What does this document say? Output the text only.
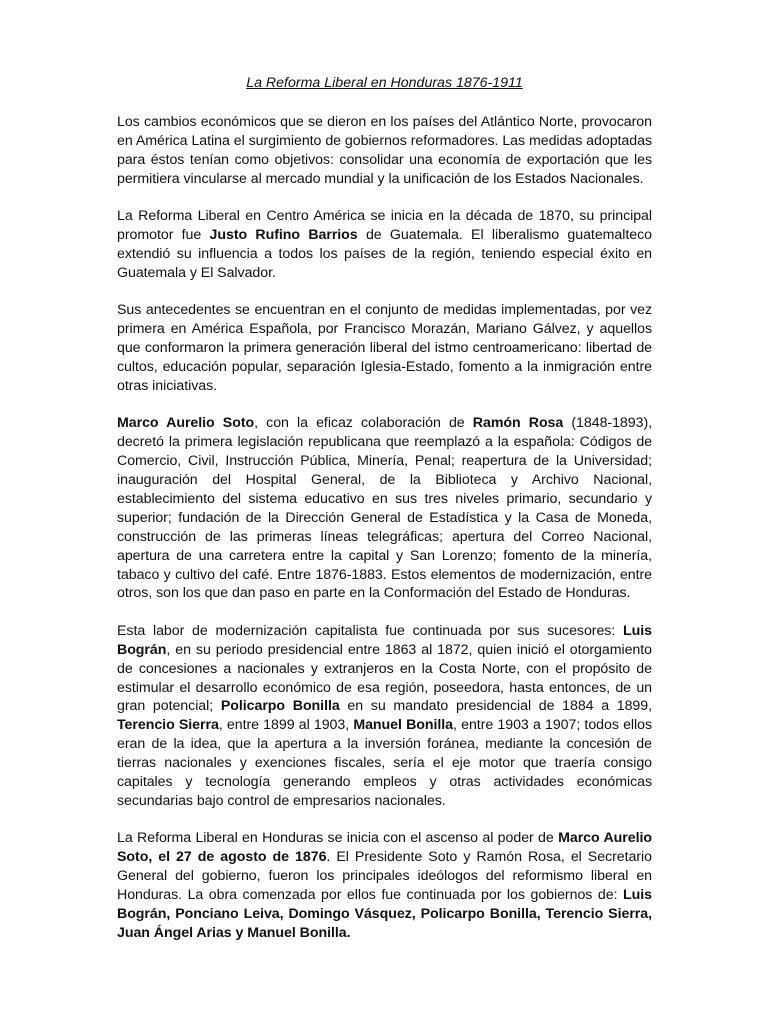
La Reforma Liberal en Honduras 1876-1911

Los cambios económicos que se dieron en los países del Atlántico Norte, provocaron en América Latina el surgimiento de gobiernos reformadores. Las medidas adoptadas para éstos tenían como objetivos: consolidar una economía de exportación que les permitiera vincularse al mercado mundial y la unificación de los Estados Nacionales.

La Reforma Liberal en Centro América se inicia en la década de 1870, su principal promotor fue Justo Rufino Barrios de Guatemala. El liberalismo guatemalteco extendió su influencia a todos los países de la región, teniendo especial éxito en Guatemala y El Salvador.

Sus antecedentes se encuentran en el conjunto de medidas implementadas, por vez primera en América Española, por Francisco Morazán, Mariano Gálvez, y aquellos que conformaron la primera generación liberal del istmo centroamericano: libertad de cultos, educación popular, separación Iglesia-Estado, fomento a la inmigración entre otras iniciativas.

Marco Aurelio Soto, con la eficaz colaboración de Ramón Rosa (1848-1893), decretó la primera legislación republicana que reemplazó a la española: Códigos de Comercio, Civil, Instrucción Pública, Minería, Penal; reapertura de la Universidad; inauguración del Hospital General, de la Biblioteca y Archivo Nacional, establecimiento del sistema educativo en sus tres niveles primario, secundario y superior; fundación de la Dirección General de Estadística y la Casa de Moneda, construcción de las primeras líneas telegráficas; apertura del Correo Nacional, apertura de una carretera entre la capital y San Lorenzo; fomento de la minería, tabaco y cultivo del café. Entre 1876-1883. Estos elementos de modernización, entre otros, son los que dan paso en parte en la Conformación del Estado de Honduras.

Esta labor de modernización capitalista fue continuada por sus sucesores: Luis Bográn, en su periodo presidencial entre 1863 al 1872, quien inició el otorgamiento de concesiones a nacionales y extranjeros en la Costa Norte, con el propósito de estimular el desarrollo económico de esa región, poseedora, hasta entonces, de un gran potencial; Policarpo Bonilla en su mandato presidencial de 1884 a 1899, Terencio Sierra, entre 1899 al 1903, Manuel Bonilla, entre 1903 a 1907; todos ellos eran de la idea, que la apertura a la inversión foránea, mediante la concesión de tierras nacionales y exenciones fiscales, sería el eje motor que traería consigo capitales y tecnología generando empleos y otras actividades económicas secundarias bajo control de empresarios nacionales.

La Reforma Liberal en Honduras se inicia con el ascenso al poder de Marco Aurelio Soto, el 27 de agosto de 1876. El Presidente Soto y Ramón Rosa, el Secretario General del gobierno, fueron los principales ideólogos del reformismo liberal en Honduras. La obra comenzada por ellos fue continuada por los gobiernos de: Luis Bográn, Ponciano Leiva, Domingo Vásquez, Policarpo Bonilla, Terencio Sierra, Juan Ángel Arias y Manuel Bonilla.
